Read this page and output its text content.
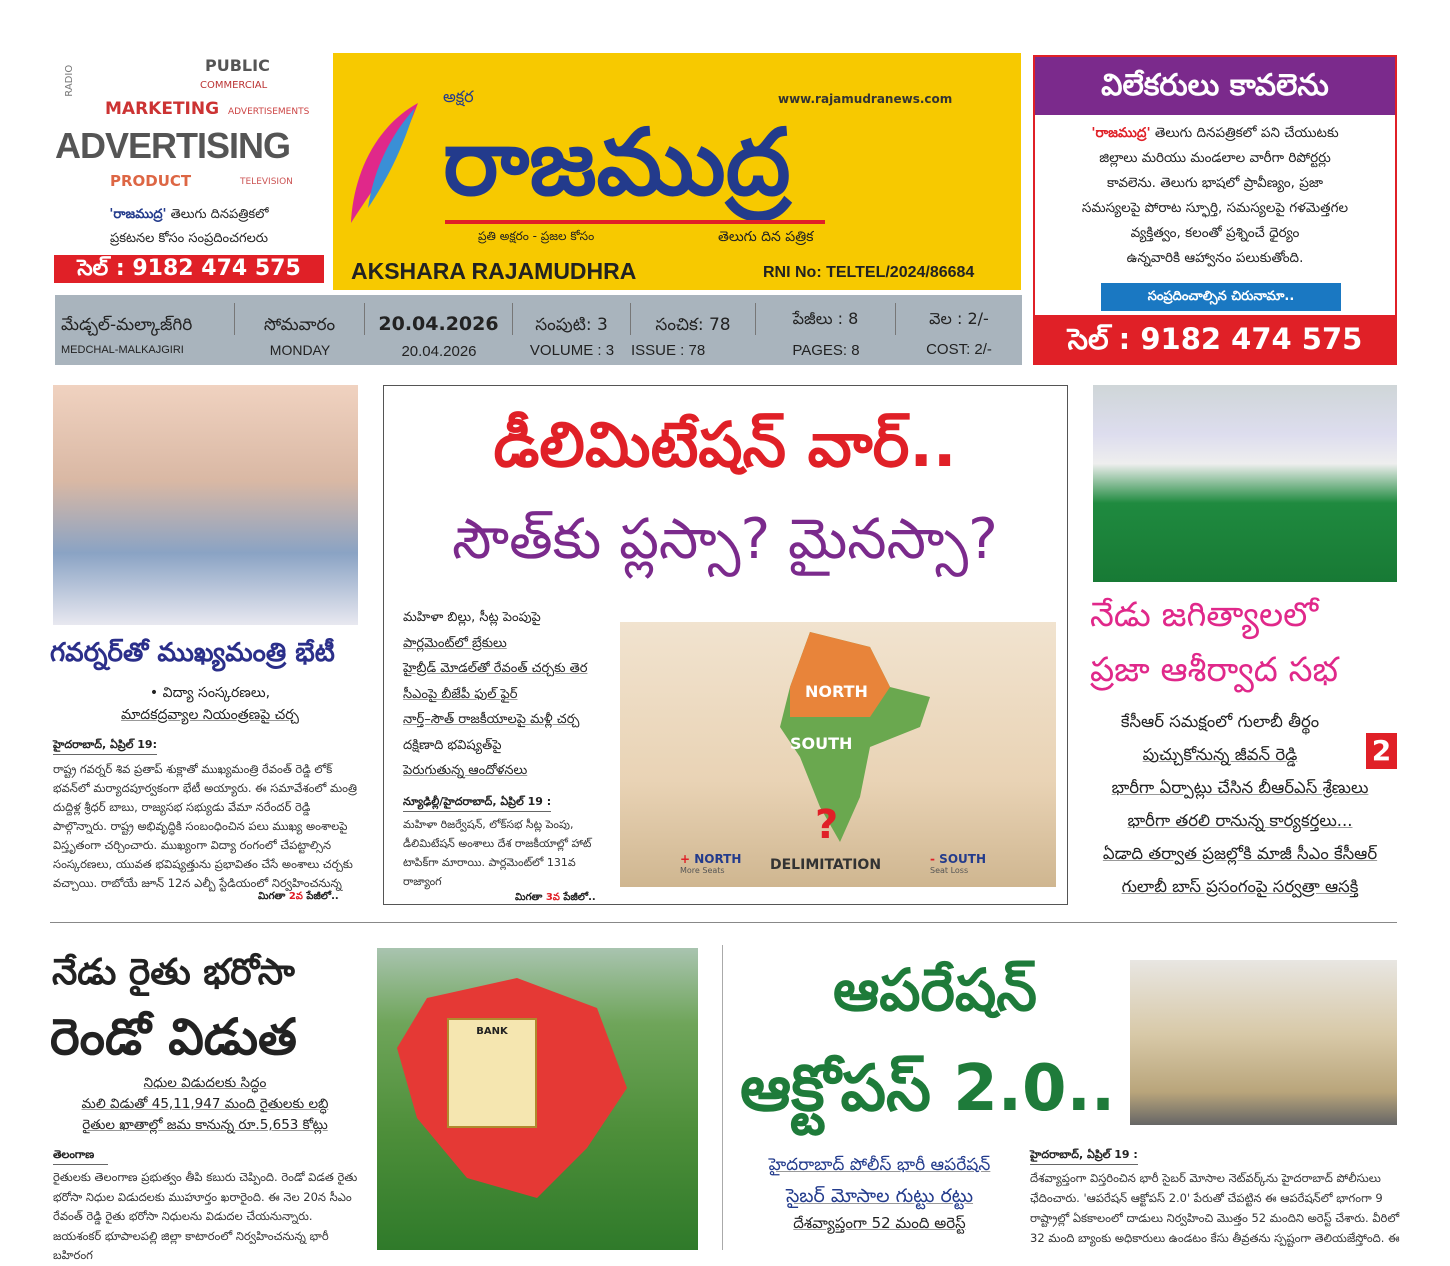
PUBLIC
COMMERCIAL
MARKETING ADVERTISEMENTS
RADIO
ADVERTISING
PRODUCT	TELEVISION
'రాజముద్ర' తెలుగు దినపత్రికలో
ప్రకటనల కోసం సంప్రదించగలరు
సెల్ : 9182 474 575
అక్షర	www.rajamudranews.com
రాజముద్ర
ప్రతి అక్షరం - ప్రజల కోసం	తెలుగు దిన పత్రిక
AKSHARA RAJAMUDHRA	RNI No: TELTEL/2024/86684
విలేకరులు కావలెను
'రాజముద్ర' తెలుగు దినపత్రికలో పని చేయుటకు
జిల్లాలు మరియు మండలాల వారీగా రిపోర్టర్లు
కావలెను. తెలుగు భాషలో ప్రావీణ్యం, ప్రజా
సమస్యలపై పోరాట స్ఫూర్తి, సమస్యలపై గళమెత్తగల
వ్యక్తిత్వం, కలంతో ప్రశ్నించే ధైర్యం
ఉన్నవారికి ఆహ్వానం పలుకుతోంది.
సంప్రదించాల్సిన చిరునామా..
సెల్ : 9182 474 575
మేడ్చల్-మల్కాజ్‌గిరి	సోమవారం	20.04.2026	సంపుటి: 3	సంచిక: 78	పేజీలు : 8	వెల : 2/-
MEDCHAL-MALKAJGIRI	MONDAY	20.04.2026	VOLUME : 3	ISSUE : 78	PAGES: 8	COST: 2/-
గవర్నర్‌తో ముఖ్యమంత్రి భేటీ
• విద్యా సంస్కరణలు,
మాదకద్రవ్యాల నియంత్రణపై చర్చ
హైదరాబాద్, ఏప్రిల్ 19:
రాష్ట్ర గవర్నర్ శివ ప్రతాప్ శుక్లాతో ముఖ్యమంత్రి రేవంత్ రెడ్డి లోక్ భవన్‌లో మర్యాదపూర్వకంగా భేటీ అయ్యారు. ఈ సమావేశంలో మంత్రి దుద్దిళ్ల శ్రీధర్ బాబు, రాజ్యసభ సభ్యుడు వేమా నరేందర్ రెడ్డి పాల్గొన్నారు. రాష్ట్ర అభివృద్ధికి సంబంధించిన పలు ముఖ్య అంశాలపై విస్తృతంగా చర్చించారు. ముఖ్యంగా విద్యా రంగంలో చేపట్టాల్సిన సంస్కరణలు, యువత భవిష్యత్తును ప్రభావితం చేసే అంశాలు చర్చకు వచ్చాయి. రాబోయే జూన్ 12న ఎల్బీ స్టేడియంలో నిర్వహించనున్న
మిగతా 2వ పేజీలో..
డీలిమిటేషన్ వార్..
సౌత్‌కు ప్లస్సా? మైనస్సా?
మహిళా బిల్లు, సీట్ల పెంపుపై
పార్లమెంట్‌లో బ్రేకులు
హైబ్రీడ్ మోడల్‌తో రేవంత్ చర్చకు తెర
సీఎంపై బీజేపీ ఫుల్ ఫైర్
నార్త్–సౌత్ రాజకీయాలపై మళ్లీ చర్చ
దక్షిణాది భవిష్యత్‌పై
పెరుగుతున్న ఆందోళనలు
న్యూఢిల్లీ/హైదరాబాద్, ఏప్రిల్ 19 :
మహిళా రిజర్వేషన్, లోక్‌సభ సీట్ల పెంపు, డీలిమిటేషన్ అంశాలు దేశ రాజకీయాల్లో హాట్ టాపిక్‌గా మారాయి. పార్లమెంట్‌లో 131వ రాజ్యాంగ
మిగతా 3వ పేజీలో..
NORTH
SOUTH
?
DELIMITATION
+ NORTH
More Seats
- SOUTH
Seat Loss
నేడు జగిత్యాలలో
ప్రజా ఆశీర్వాద సభ
2
కేసీఆర్ సమక్షంలో గులాబీ తీర్థం
పుచ్చుకోనున్న జీవన్ రెడ్డి
భారీగా ఏర్పాట్లు చేసిన బీఆర్ఎస్ శ్రేణులు
భారీగా తరలి రానున్న కార్యకర్తలు...
ఏడాది తర్వాత ప్రజల్లోకి మాజీ సీఎం కేసీఆర్
గులాబీ బాస్ ప్రసంగంపై సర్వత్రా ఆసక్తి
నేడు రైతు భరోసా
రెండో విడుత
నిధుల విడుదలకు సిద్ధం
మలి విడుతో 45,11,947 మంది రైతులకు లబ్ధి
రైతుల ఖాతాల్లో జమ కానున్న రూ.5,653 కోట్లు
తెలంగాణ
రైతులకు తెలంగాణ ప్రభుత్వం తీపి కబురు చెప్పింది. రెండో విడత రైతు భరోసా నిధుల విడుదలకు ముహూర్తం ఖరారైంది. ఈ నెల 20న సీఎం రేవంత్ రెడ్డి రైతు భరోసా నిధులను విడుదల చేయనున్నారు. జయశంకర్ భూపాలపల్లి జిల్లా కాటారంలో నిర్వహించనున్న భారీ బహిరంగ
BANK
ఆపరేషన్
ఆక్టోపస్ 2.0..
హైదరాబాద్ పోలీస్ భారీ ఆపరేషన్
సైబర్ మోసాల గుట్టు రట్టు
దేశవ్యాప్తంగా 52 మంది అరెస్ట్
హైదరాబాద్, ఏప్రిల్ 19 :
దేశవ్యాప్తంగా విస్తరించిన భారీ సైబర్ మోసాల నెట్‌వర్క్‌ను హైదరాబాద్ పోలీసులు ఛేదించారు. 'ఆపరేషన్ ఆక్టోపస్ 2.0' పేరుతో చేపట్టిన ఈ ఆపరేషన్‌లో భాగంగా 9 రాష్ట్రాల్లో ఏకకాలంలో దాడులు నిర్వహించి మొత్తం 52 మందిని అరెస్ట్ చేశారు. వీరిలో 32 మంది బ్యాంకు అధికారులు ఉండటం కేసు తీవ్రతను స్పష్టంగా తెలియజేస్తోంది. ఈ
